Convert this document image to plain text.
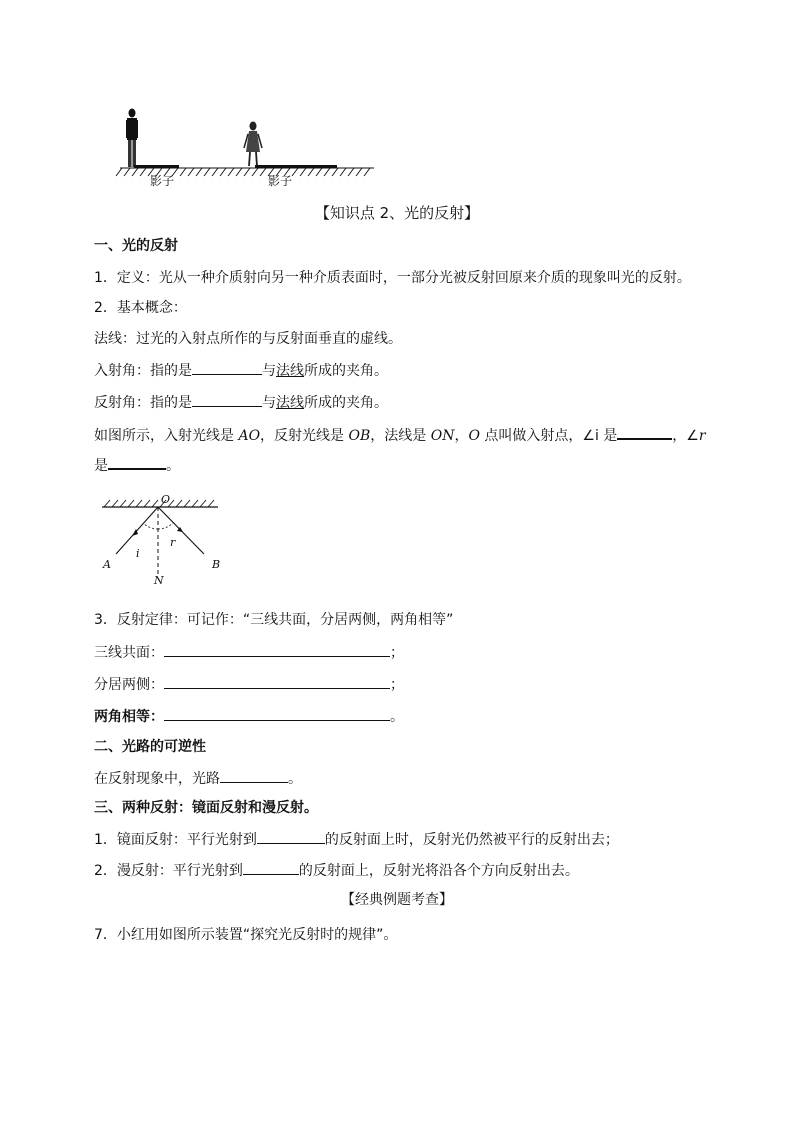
影子	影子
【知识点 2、光的反射】
一、光的反射
1．定义：光从一种介质射向另一种介质表面时，一部分光被反射回原来介质的现象叫光的反射。
2．基本概念：
法线：过光的入射点所作的与反射面垂直的虚线。
入射角：指的是	与法线所成的夹角。
反射角：指的是	与法线所成的夹角。
如图所示，入射光线是 AO，反射光线是 OB，法线是 ON，O 点叫做入射点，∠i 是	，∠r
是	。
O
A	B
N
i
r
3．反射定律：可记作：“三线共面，分居两侧，两角相等”
三线共面：	；
分居两侧：	；
两角相等：	。
二、光路的可逆性
在反射现象中，光路	。
三、两种反射：镜面反射和漫反射。
1．镜面反射：平行光射到	的反射面上时，反射光仍然被平行的反射出去；
2．漫反射：平行光射到	的反射面上，反射光将沿各个方向反射出去。
【经典例题考查】
7．小红用如图所示装置“探究光反射时的规律”。
